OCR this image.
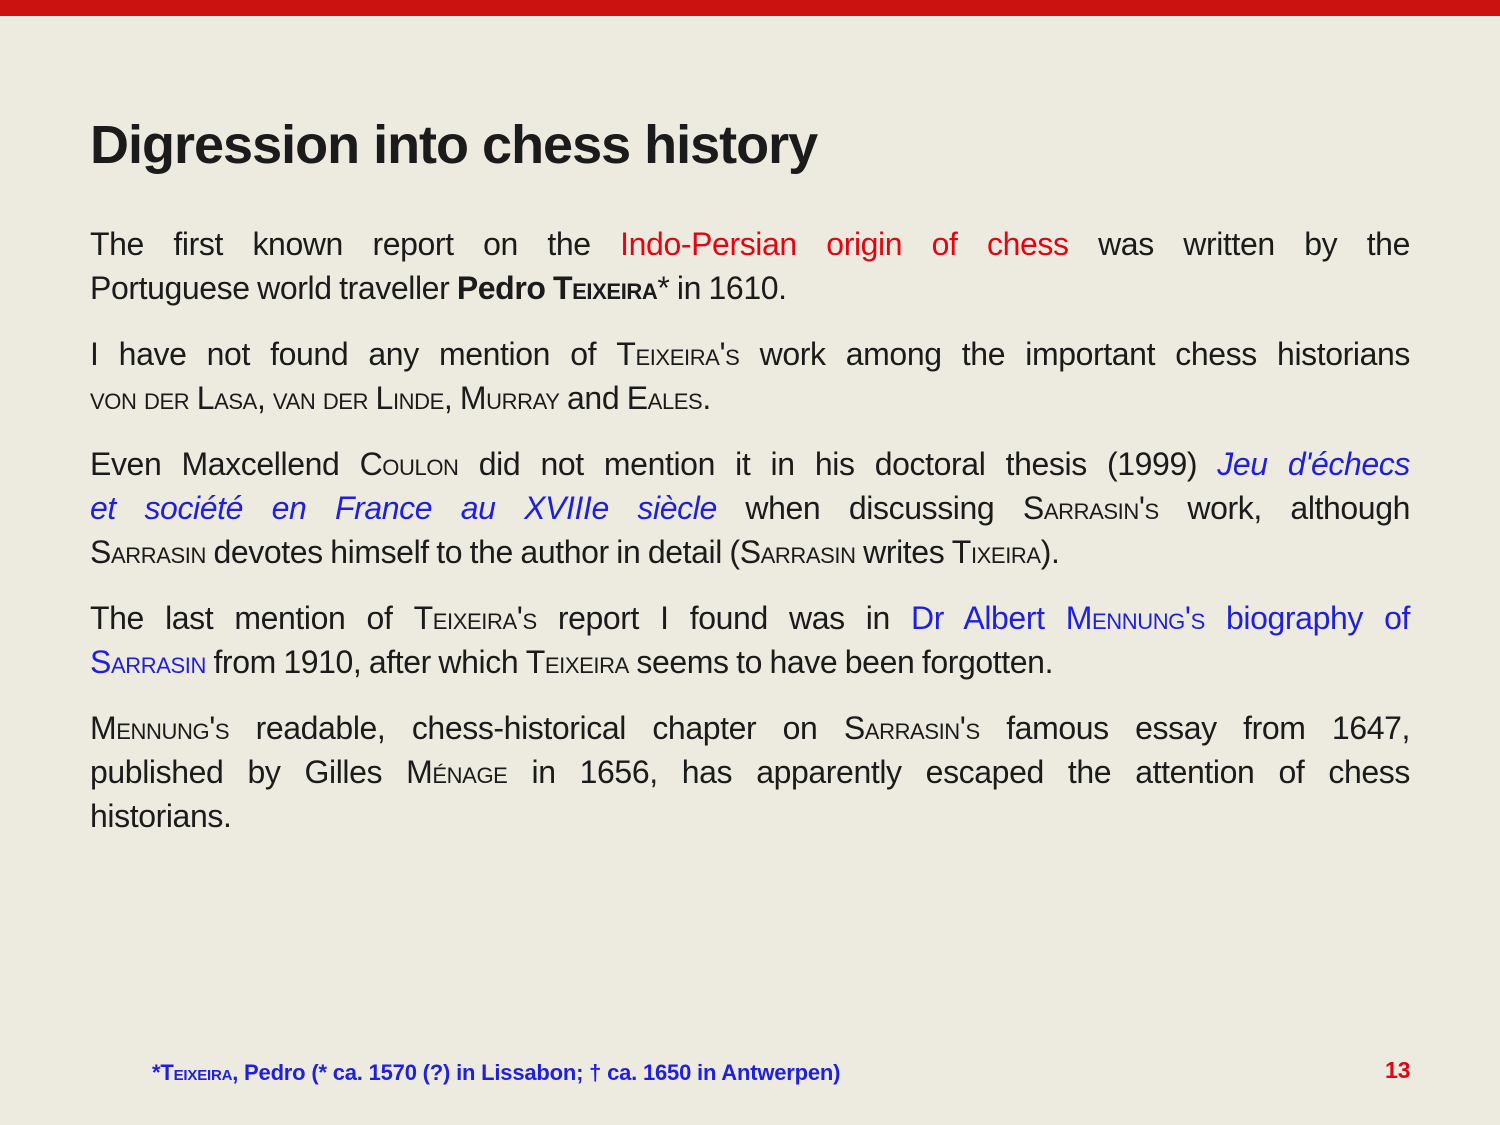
Digression into chess history
The first known report on the Indo-Persian origin of chess was written by the
Portuguese world traveller Pedro Teixeira* in 1610.
I have not found any mention of Teixeira's work among the important chess historians
von der Lasa, van der Linde, Murray and Eales.
Even Maxcellend Coulon did not mention it in his doctoral thesis (1999) Jeu d'échecs
et société en France au XVIIIe siècle when discussing Sarrasin's work, although
Sarrasin devotes himself to the author in detail (Sarrasin writes Tixeira).
The last mention of Teixeira's report I found was in Dr Albert Mennung's biography of
Sarrasin from 1910, after which Teixeira seems to have been forgotten.
Mennung's readable, chess-historical chapter on Sarrasin's famous essay from 1647,
published by Gilles Ménage in 1656, has apparently escaped the attention of chess
historians.
*Teixeira, Pedro (* ca. 1570 (?) in Lissabon; † ca. 1650 in Antwerpen)	13
